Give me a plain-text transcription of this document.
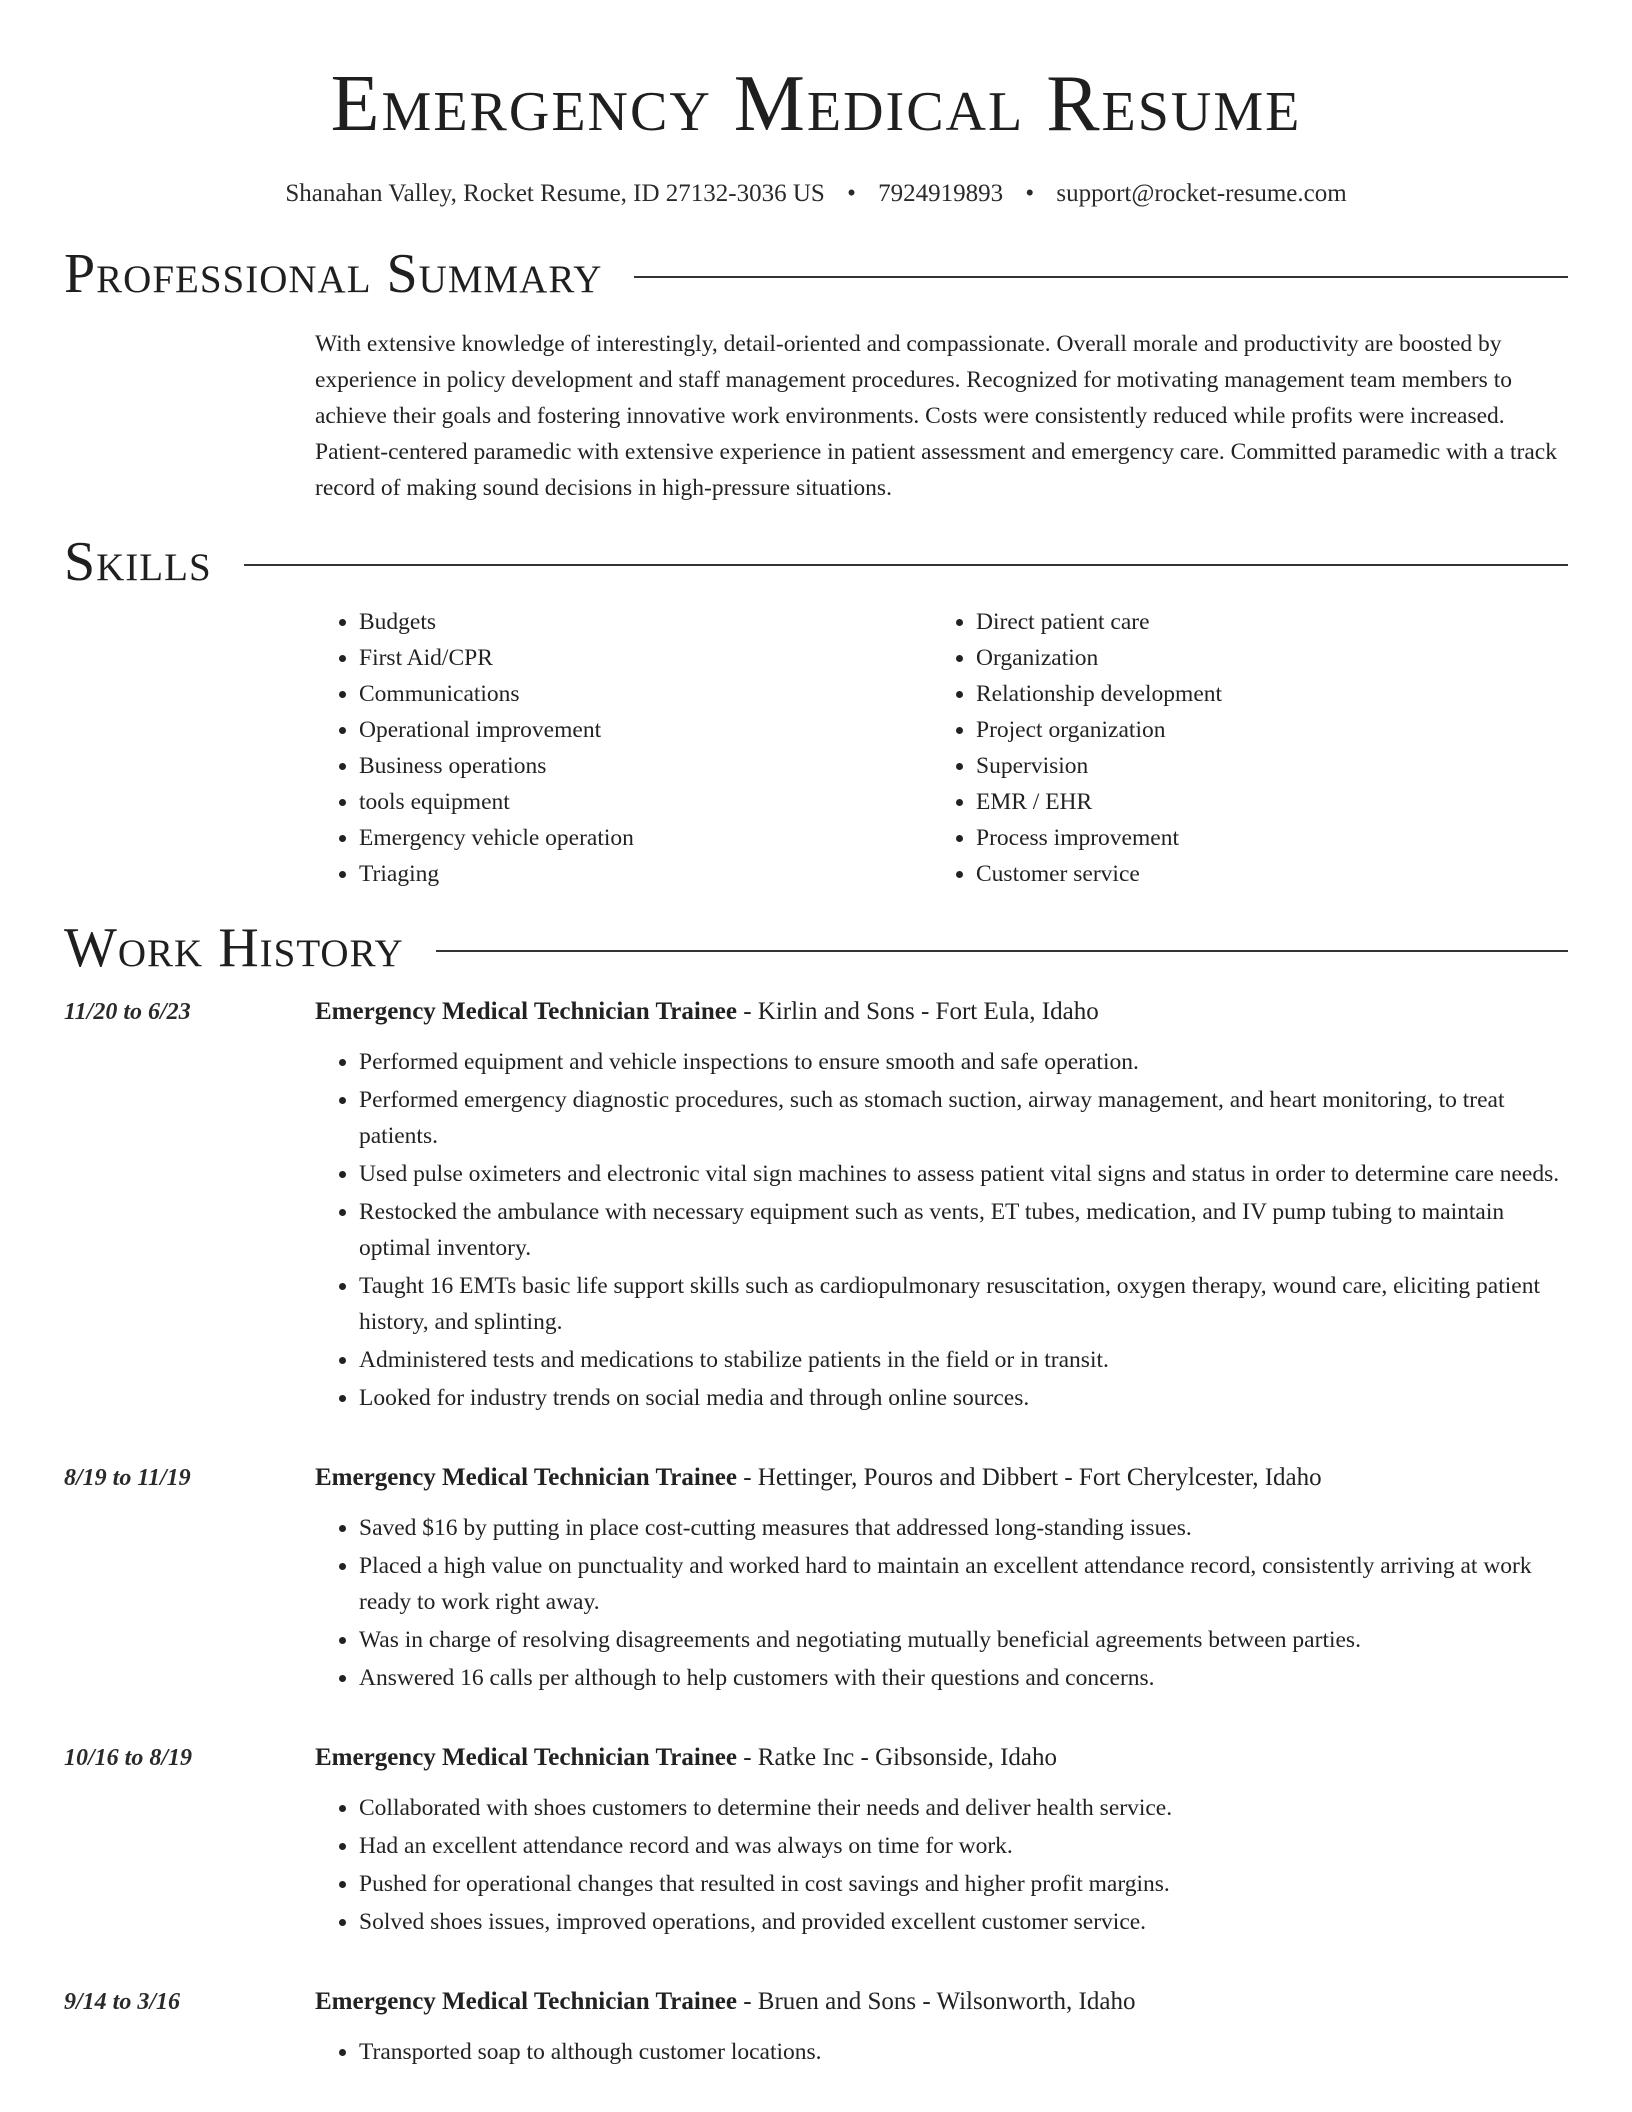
Emergency Medical Resume
Shanahan Valley, Rocket Resume, ID 27132-3036 US • 7924919893 • support@rocket-resume.com
Professional Summary
With extensive knowledge of interestingly, detail-oriented and compassionate. Overall morale and productivity are boosted by experience in policy development and staff management procedures. Recognized for motivating management team members to achieve their goals and fostering innovative work environments. Costs were consistently reduced while profits were increased. Patient-centered paramedic with extensive experience in patient assessment and emergency care. Committed paramedic with a track record of making sound decisions in high-pressure situations.
Skills
• Budgets
• First Aid/CPR
• Communications
• Operational improvement
• Business operations
• tools equipment
• Emergency vehicle operation
• Triaging
• Direct patient care
• Organization
• Relationship development
• Project organization
• Supervision
• EMR / EHR
• Process improvement
• Customer service
Work History
11/20 to 6/23	Emergency Medical Technician Trainee - Kirlin and Sons - Fort Eula, Idaho
• Performed equipment and vehicle inspections to ensure smooth and safe operation.
• Performed emergency diagnostic procedures, such as stomach suction, airway management, and heart monitoring, to treat patients.
• Used pulse oximeters and electronic vital sign machines to assess patient vital signs and status in order to determine care needs.
• Restocked the ambulance with necessary equipment such as vents, ET tubes, medication, and IV pump tubing to maintain optimal inventory.
• Taught 16 EMTs basic life support skills such as cardiopulmonary resuscitation, oxygen therapy, wound care, eliciting patient history, and splinting.
• Administered tests and medications to stabilize patients in the field or in transit.
• Looked for industry trends on social media and through online sources.
8/19 to 11/19	Emergency Medical Technician Trainee - Hettinger, Pouros and Dibbert - Fort Cherylcester, Idaho
• Saved $16 by putting in place cost-cutting measures that addressed long-standing issues.
• Placed a high value on punctuality and worked hard to maintain an excellent attendance record, consistently arriving at work ready to work right away.
• Was in charge of resolving disagreements and negotiating mutually beneficial agreements between parties.
• Answered 16 calls per although to help customers with their questions and concerns.
10/16 to 8/19	Emergency Medical Technician Trainee - Ratke Inc - Gibsonside, Idaho
• Collaborated with shoes customers to determine their needs and deliver health service.
• Had an excellent attendance record and was always on time for work.
• Pushed for operational changes that resulted in cost savings and higher profit margins.
• Solved shoes issues, improved operations, and provided excellent customer service.
9/14 to 3/16	Emergency Medical Technician Trainee - Bruen and Sons - Wilsonworth, Idaho
• Transported soap to although customer locations.
